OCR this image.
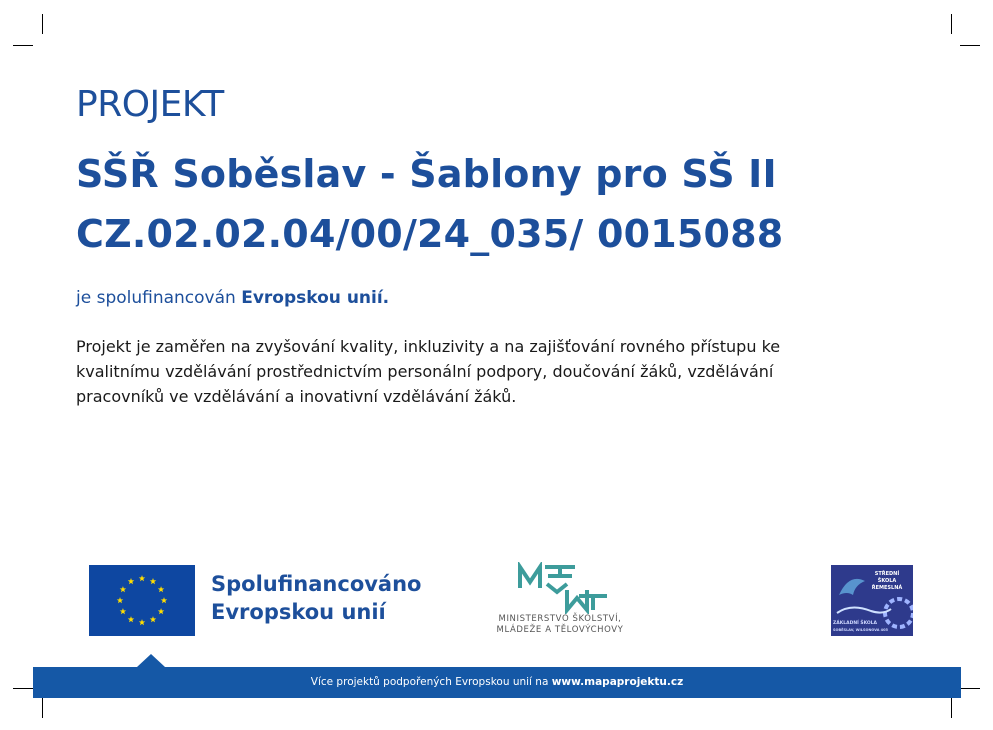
PROJEKT
SŠŘ Soběslav - Šablony pro SŠ II
CZ.02.02.04/00/24_035/ 0015088
je spolufinancován Evropskou unií.
Projekt je zaměřen na zvyšování kvality, inkluzivity a na zajišťování rovného přístupu ke
kvalitnímu vzdělávání prostřednictvím personální podpory, doučování žáků, vzdělávání
pracovníků ve vzdělávání a inovativní vzdělávání žáků.
Spolufinancováno
Evropskou unií	MINISTERSTVO ŠKOLSTVÍ,
MLÁDEŽE A TĚLOVÝCHOVY
STŘEDNÍ
ŠKOLA
ŘEMESLNÁ
ZÁKLADNÍ ŠKOLA
SOBĚSLAV, WILSONOVA 405
Více projektů podpořených Evropskou unií na www.mapaprojektu.cz
